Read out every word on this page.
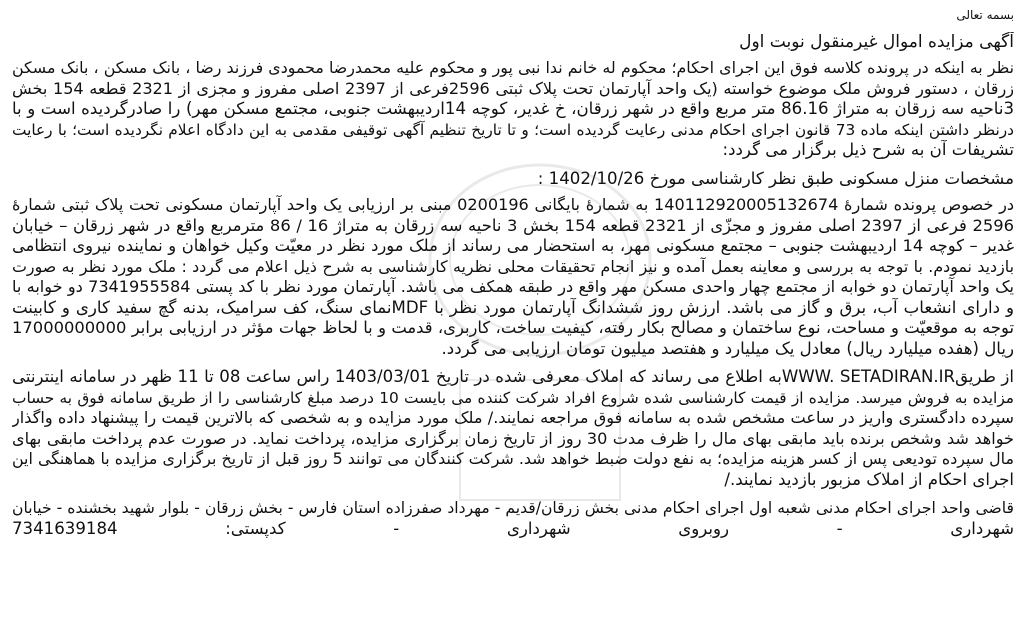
بسمه تعالی
آگهی مزایده اموال غیرمنقول نوبت اول
نظر به اینکه در پرونده کلاسه فوق این اجرای احکام؛ محکوم له خانم ندا نبی پور و محکوم علیه محمدرضا محمودی فرزند رضا ، بانک مسکن ، بانک مسکن
زرقان ، دستور فروش ملک موضوع خواسته (یک واحد آپارتمان تحت پلاک ثبتی 2596فرعی از 2397 اصلی مفروز و مجزی از 2321 قطعه 154 بخش
3ناحیه سه زرقان به متراژ 86.16 متر مربع واقع در شهر زرقان، خ غدیر، کوچه 14اردیبهشت جنوبی، مجتمع مسکن مهر) را صادرگردیده است و با
درنظر داشتن اینکه ماده 73 قانون اجرای احکام مدنی رعایت گردیده است؛ و تا تاریخ تنظیم آگهی توقیفی مقدمی به این دادگاه اعلام نگردیده است؛ با رعایت
تشریفات آن به شرح ذیل برگزار می گردد:
مشخصات منزل مسکونی طبق نظر کارشناسی مورخ 1402/10/26 :
در خصوص پرونده شمارهٔ 140112920005132674 به شمارهٔ بایگانی 0200196 مبنی بر ارزیابی یک واحد آپارتمان مسکونی تحت پلاک ثبتی شمارهٔ
2596 فرعی از 2397 اصلی مفروز و مجزّی از 2321 قطعه 154 بخش 3 ناحیه سه زرقان به متراژ 16 / 86 مترمربع واقع در شهر زرقان – خیابان
غدیر – کوچه 14 اردیبهشت جنوبی – مجتمع مسکونی مهر، به استحضار می رساند از ملک مورد نظر در معیّت وکیل خواهان و نماینده نیروی انتظامی
بازدید نمودم. با توجه به بررسی و معاینه بعمل آمده و نیز انجام تحقیقات محلی نظریه کارشناسی به شرح ذیل اعلام می گردد : ملک مورد نظر به صورت
یک واحد آپارتمان دو خوابه از مجتمع چهار واحدی مسکن مهر واقع در طبقه همکف می باشد. آپارتمان مورد نظر با کد پستی 7341955584 دو خوابه با
و دارای انشعاب آب، برق و گاز می باشد. ارزش روز ششدانگ آپارتمان مورد نظر با MDFنمای سنگ، کف سرامیک، بدنه گچ سفید کاری و کابینت
توجه به موقعیّت و مساحت، نوع ساختمان و مصالح بکار رفته، کیفیت ساخت، کاربری، قدمت و با لحاظ جهات مؤثر در ارزیابی برابر 17000000000
ریال (هفده میلیارد ریال) معادل یک میلیارد و هفتصد میلیون تومان ارزیابی می گردد.
از طریقWWW. SETADIRAN.IRبه اطلاع می رساند که املاک معرفی شده در تاریخ 1403/03/01 راس ساعت 08 تا 11 ظهر در سامانه اینترنتی
مزایده به فروش میرسد. مزایده از قیمت کارشناسی شده شروع افراد شرکت کننده می بایست 10 درصد مبلغ کارشناسی را از طریق سامانه فوق به حساب
سپرده دادگستری واریز در ساعت مشخص شده به سامانه فوق مراجعه نمایند./ ملک مورد مزایده و به شخصی که بالاترین قیمت را پیشنهاد داده واگذار
خواهد شد وشخص برنده باید مابقی بهای مال را ظرف مدت 30 روز از تاریخ زمان برگزاری مزایده، پرداخت نماید. در صورت عدم پرداخت مابقی بهای
مال سپرده تودیعی پس از کسر هزینه مزایده؛ به نفع دولت ضبط خواهد شد. شرکت کنندگان می توانند 5 روز قبل از تاریخ برگزاری مزایده با هماهنگی این
اجرای احکام از املاک مزبور بازدید نمایند./
قاضی واحد اجرای احکام مدنی شعبه اول اجرای احکام مدنی بخش زرقان/قدیم - مهرداد صفرزاده استان فارس - بخش زرقان - بلوار شهید بخشنده - خیابان
شهرداری - روبروی شهرداری - کدپستی: 7341639184
